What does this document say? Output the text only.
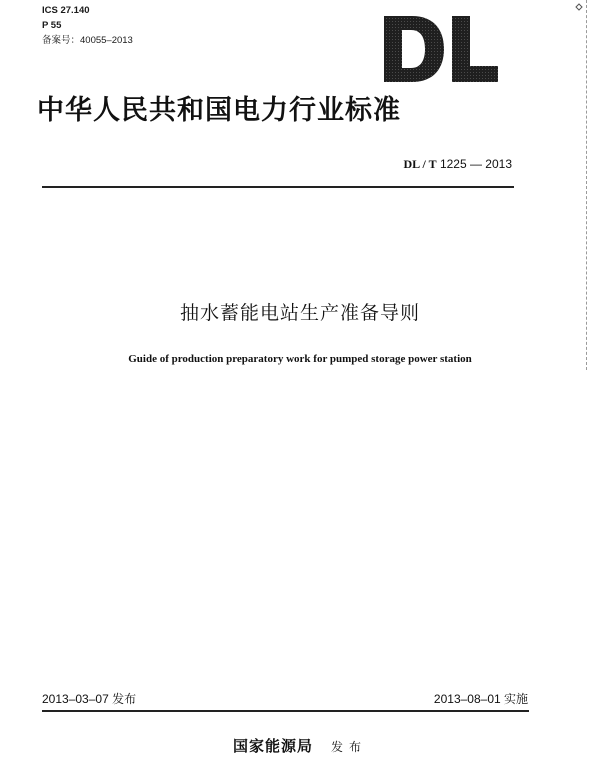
ICS 27.140
P 55
备案号：40055–2013
中华人民共和国电力行业标准
DL / T 1225 — 2013
抽水蓄能电站生产准备导则
Guide of production preparatory work for pumped storage power station
2013–03–07 发布	2013–08–01 实施
国家能源局 发布
